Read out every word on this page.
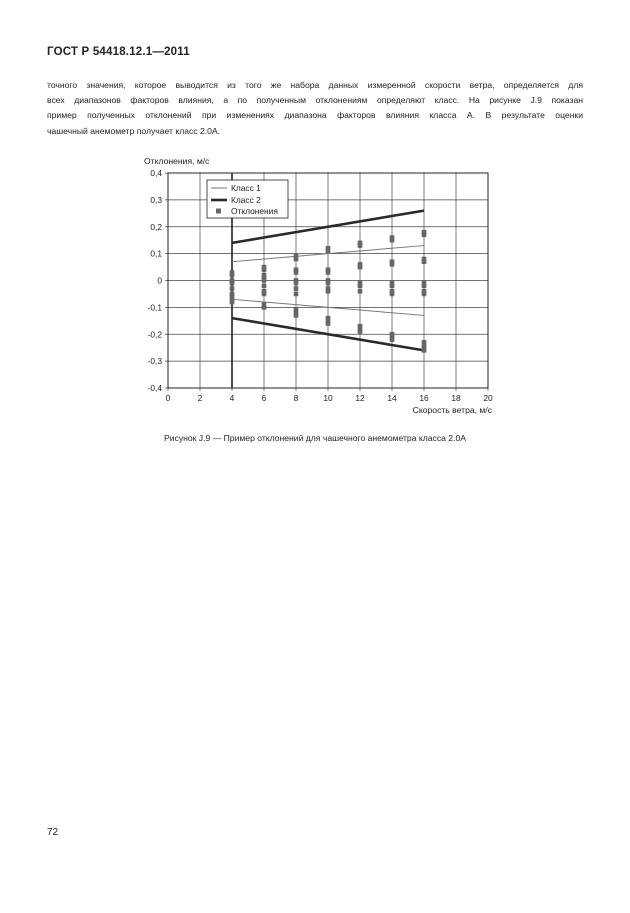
ГОСТ Р 54418.12.1—2011
точного значения, которое выводится из того же набора данных измеренной скорости ветра, определяется для
всех диапазонов факторов влияния, а по полученным отклонениям определяют класс. На рисунке J.9 показан
пример полученных отклонений при изменениях диапазона факторов влияния класса А. В результате оценки
чашечный анемометр получает класс 2.0А.
Отклонения, м/с
Скорость ветра, м/с
0	2	4	6	8	10	12	14	16	18	20
0,4
0,3
0,2
0,1
0
-0,1
-0,2
-0,3
-0,4
Класс 1
Класс 2
Отклонения
Рисунок J.9 — Пример отклонений для чашечного анемометра класса 2.0А
72
